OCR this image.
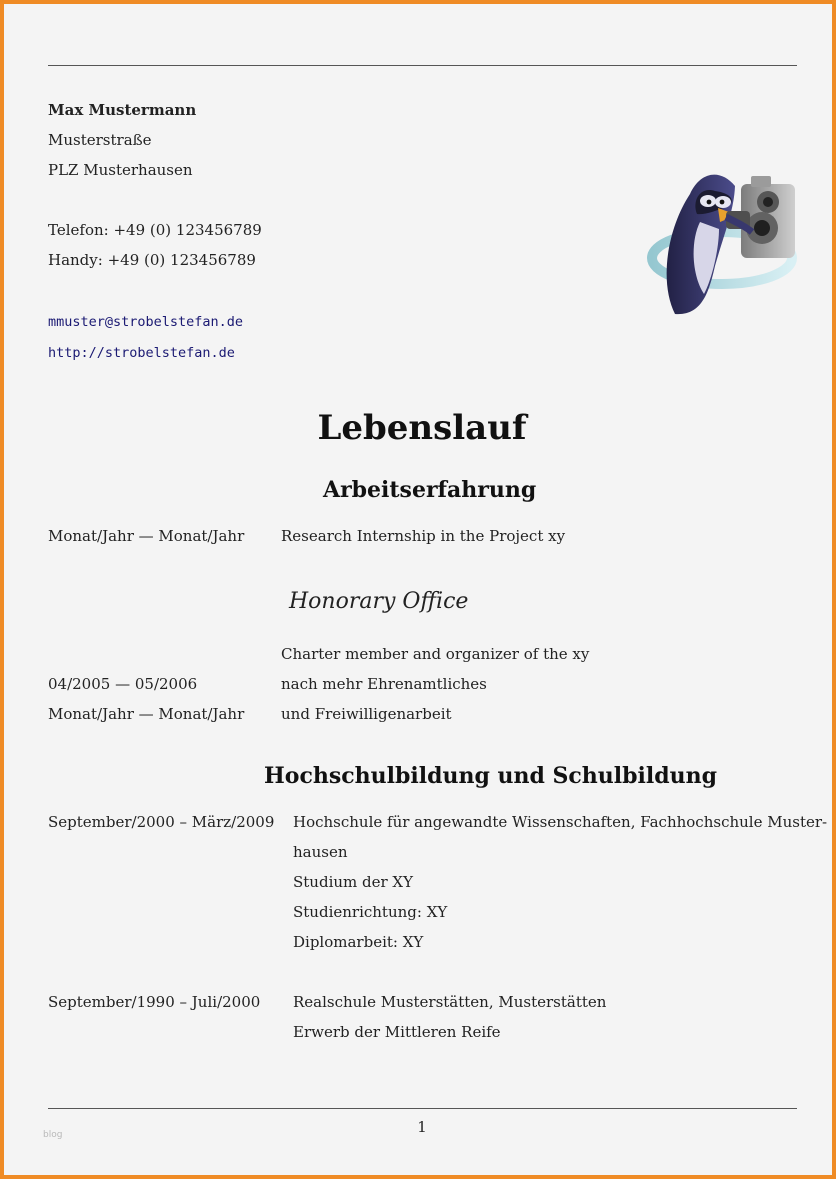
Max Mustermann
Musterstraße
PLZ Musterhausen
Telefon: +49 (0) 123456789
Handy: +49 (0) 123456789
mmuster@strobelstefan.de
http://strobelstefan.de
Lebenslauf
Arbeitserfahrung
Monat/Jahr — Monat/Jahr Research Internship in the Project xy
Honorary Office
Charter member and organizer of the xy
04/2005 — 05/2006	nach mehr Ehrenamtliches
Monat/Jahr — Monat/Jahr und Freiwilligenarbeit
Hochschulbildung und Schulbildung
September/2000 – März/2009 Hochschule für angewandte Wissenschaften, Fachhochschule Muster-
hausen
Studium der XY
Studienrichtung: XY
Diplomarbeit: XY
September/1990 – Juli/2000 Realschule Musterstätten, Musterstätten
Erwerb der Mittleren Reife
1
blog
